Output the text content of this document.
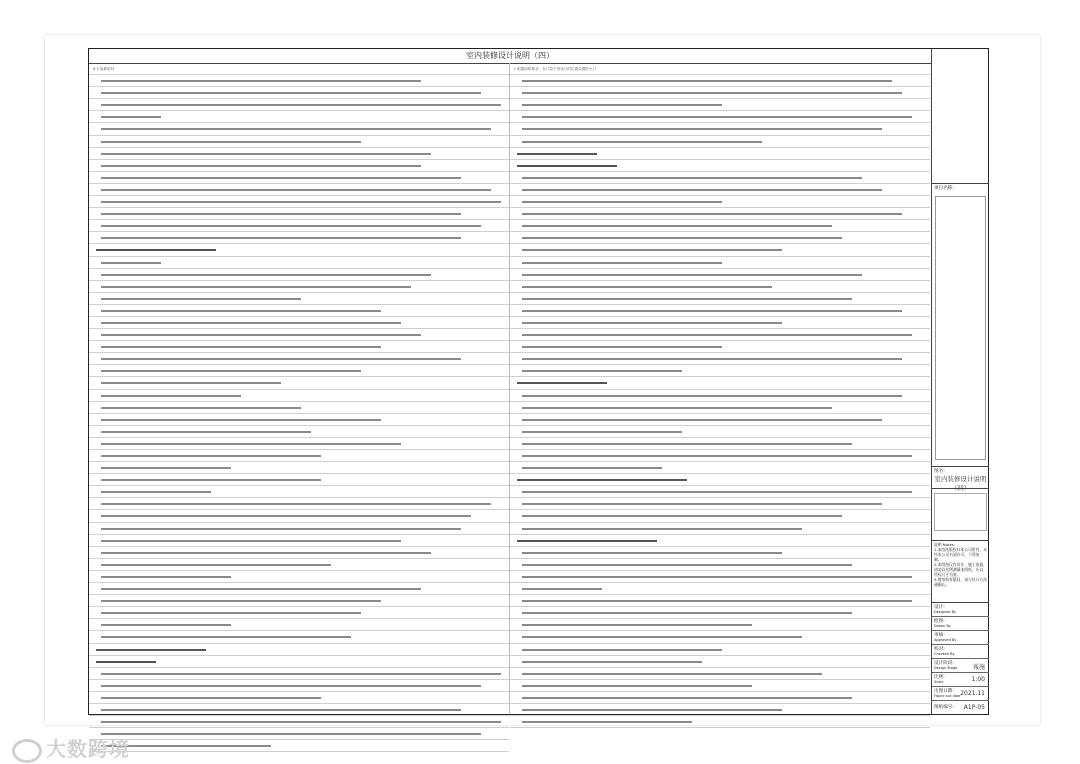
室内装修设计说明（四）
6.3 装修用材	c 根据消防要求，在门控不得设计的位置设置防火门
项目名称:
图名:
室内装修设计说明（四）
说明 Notes:
1.本图纸版权归本公司所有，未经本公司书面许可，不得复制。
2.本图纸仅作设计、施工依据，请勿以比例测量本图纸，应以所标尺寸为准。
3.图纸如有疑问，请与设计方沟通确认。
设计:
Designed By
绘图:
Drawn By
审核:
Approved By
校对:
Checked By
设计阶段:
Design Stage	報施
比例:
Scale	1:00
出图日期:
Figure out date 2021.11
图纸编号:	A1P-05
大数跨境
